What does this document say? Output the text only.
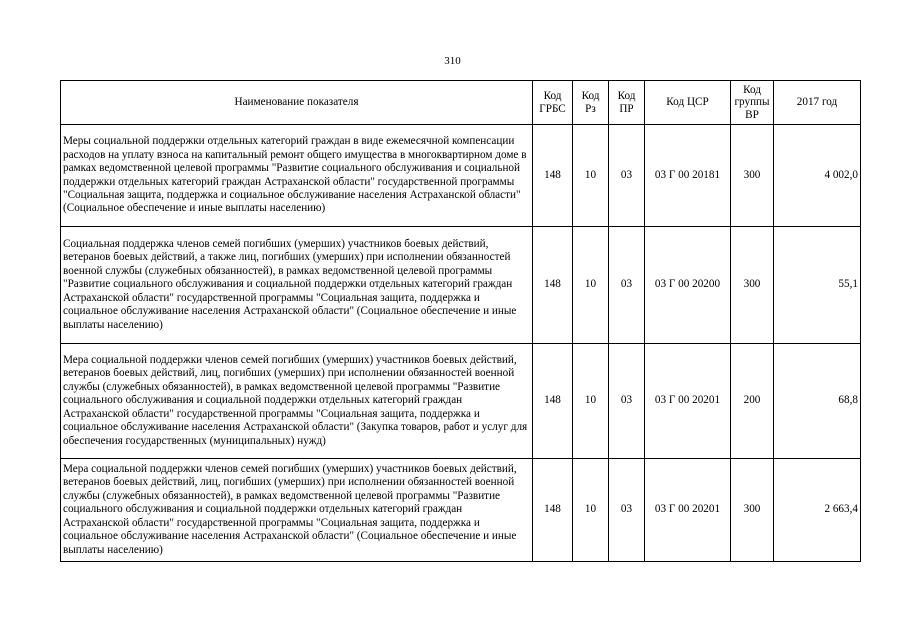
310
Наименование показателя	Код ГРБС	Код Рз	Код ПР	Код ЦСР	Код группы ВР	2017 год
Меры социальной поддержки отдельных категорий граждан в виде ежемесячной компенсации расходов на уплату взноса на капитальный ремонт общего имущества в многоквартирном доме в рамках ведомственной целевой программы "Развитие социального обслуживания и социальной поддержки отдельных категорий граждан Астраханской области" государственной программы "Социальная защита, поддержка и социальное обслуживание населения Астраханской области" (Социальное обеспечение и иные выплаты населению)	148	10	03	03 Г 00 20181	300	4 002,0
Социальная поддержка членов семей погибших (умерших) участников боевых действий, ветеранов боевых действий, а также лиц, погибших (умерших) при исполнении обязанностей военной службы (служебных обязанностей), в рамках ведомственной целевой программы "Развитие социального обслуживания и социальной поддержки отдельных категорий граждан Астраханской области" государственной программы "Социальная защита, поддержка и социальное обслуживание населения Астраханской области" (Социальное обеспечение и иные выплаты населению)	148	10	03	03 Г 00 20200	300	55,1
Мера социальной поддержки членов семей погибших (умерших) участников боевых действий, ветеранов боевых действий, лиц, погибших (умерших) при исполнении обязанностей военной службы (служебных обязанностей), в рамках ведомственной целевой программы "Развитие социального обслуживания и социальной поддержки отдельных категорий граждан Астраханской области" государственной программы "Социальная защита, поддержка и социальное обслуживание населения Астраханской области" (Закупка товаров, работ и услуг для обеспечения государственных (муниципальных) нужд)	148	10	03	03 Г 00 20201	200	68,8
Мера социальной поддержки членов семей погибших (умерших) участников боевых действий, ветеранов боевых действий, лиц, погибших (умерших) при исполнении обязанностей военной службы (служебных обязанностей), в рамках ведомственной целевой программы "Развитие социального обслуживания и социальной поддержки отдельных категорий граждан Астраханской области" государственной программы "Социальная защита, поддержка и социальное обслуживание населения Астраханской области" (Социальное обеспечение и иные выплаты населению)	148	10	03	03 Г 00 20201	300	2 663,4
